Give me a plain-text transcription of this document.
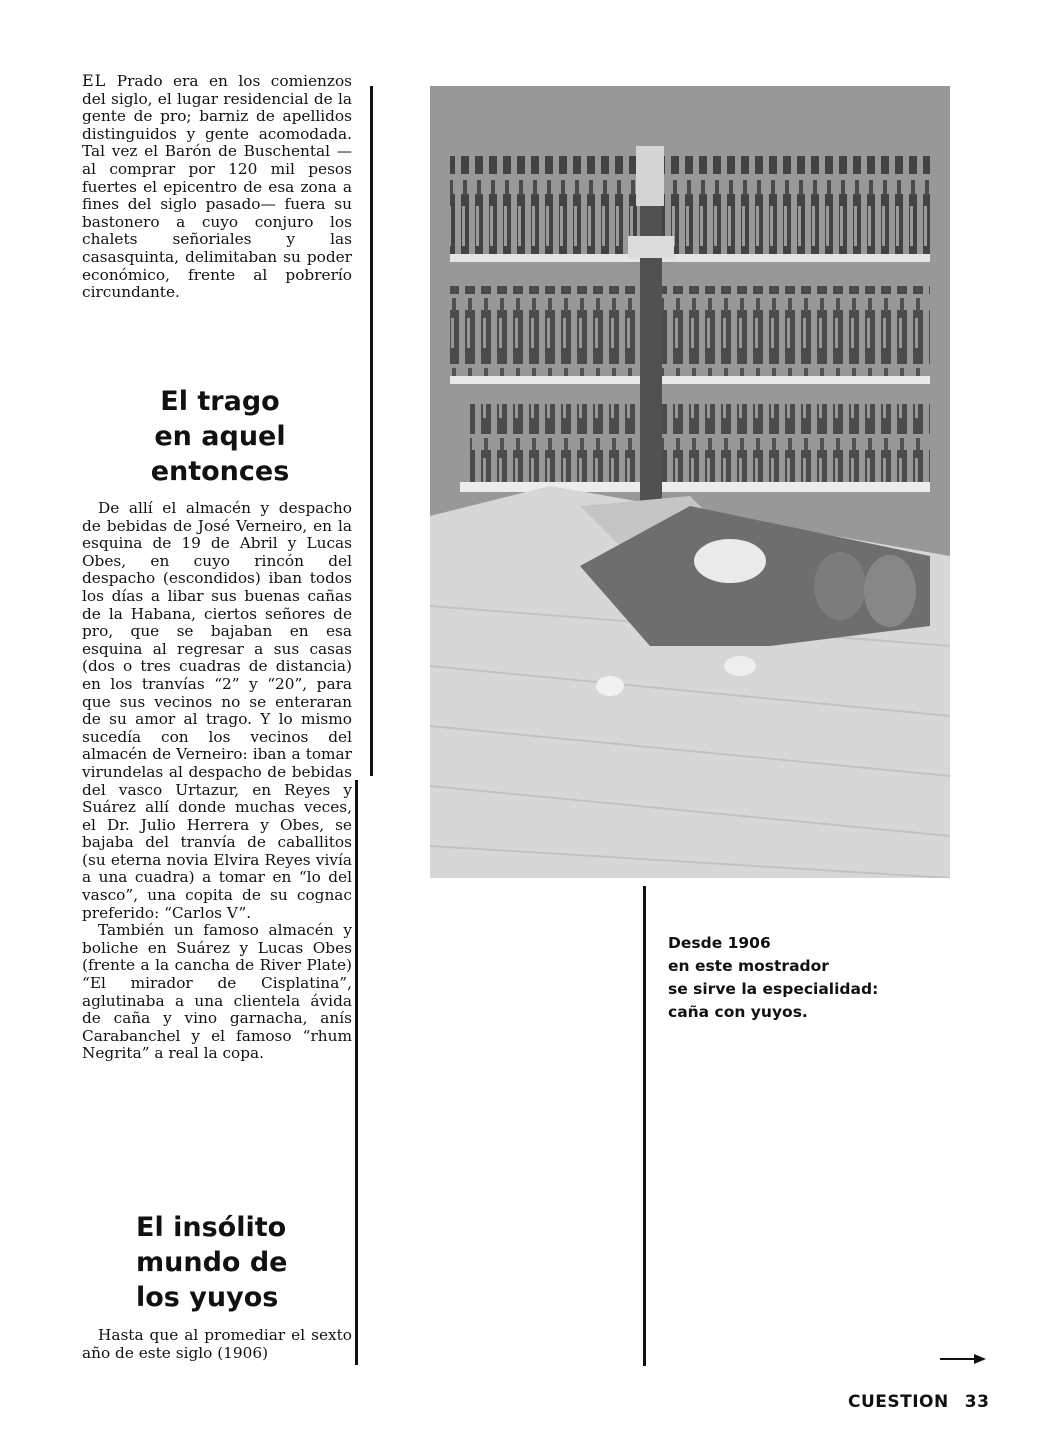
EL Prado era en los comienzos del siglo, el lugar residencial de la gente de pro; barniz de apellidos distinguidos y gente acomodada. Tal vez el Barón de Buschental —al comprar por 120 mil pesos fuertes el epicentro de esa zona a fines del siglo pasado— fuera su bastonero a cuyo conjuro los chalets señoriales y las casasquinta, delimitaban su poder económico, frente al pobrerío circundante.

El trago
en aquel
entonces

De allí el almacén y despacho de bebidas de José Verneiro, en la esquina de 19 de Abril y Lucas Obes, en cuyo rincón del despacho (escondidos) iban todos los días a libar sus buenas cañas de la Habana, ciertos señores de pro, que se bajaban en esa esquina al regresar a sus casas (dos o tres cuadras de distancia) en los tranvías “2” y “20”, para que sus vecinos no se enteraran de su amor al trago. Y lo mismo sucedía con los vecinos del almacén de Verneiro: iban a tomar virundelas al despacho de bebidas del vasco Urtazur, en Reyes y Suárez allí donde muchas veces, el Dr. Julio Herrera y Obes, se bajaba del tranvía de caballitos (su eterna novia Elvira Reyes vivía a una cuadra) a tomar en “lo del vasco”, una copita de su cognac preferido: “Carlos V”.

También un famoso almacén y boliche en Suárez y Lucas Obes (frente a la cancha de River Plate) “El mirador de Cisplatina”, aglutinaba a una clientela ávida de caña y vino garnacha, anís Carabanchel y el famoso “rhum Negrita” a real la copa.

El insólito
mundo de
los yuyos

Hasta que al promediar el sexto año de este siglo (1906)

Desde 1906
en este mostrador
se sirve la especialidad:
caña con yuyos.
CUESTION 33
